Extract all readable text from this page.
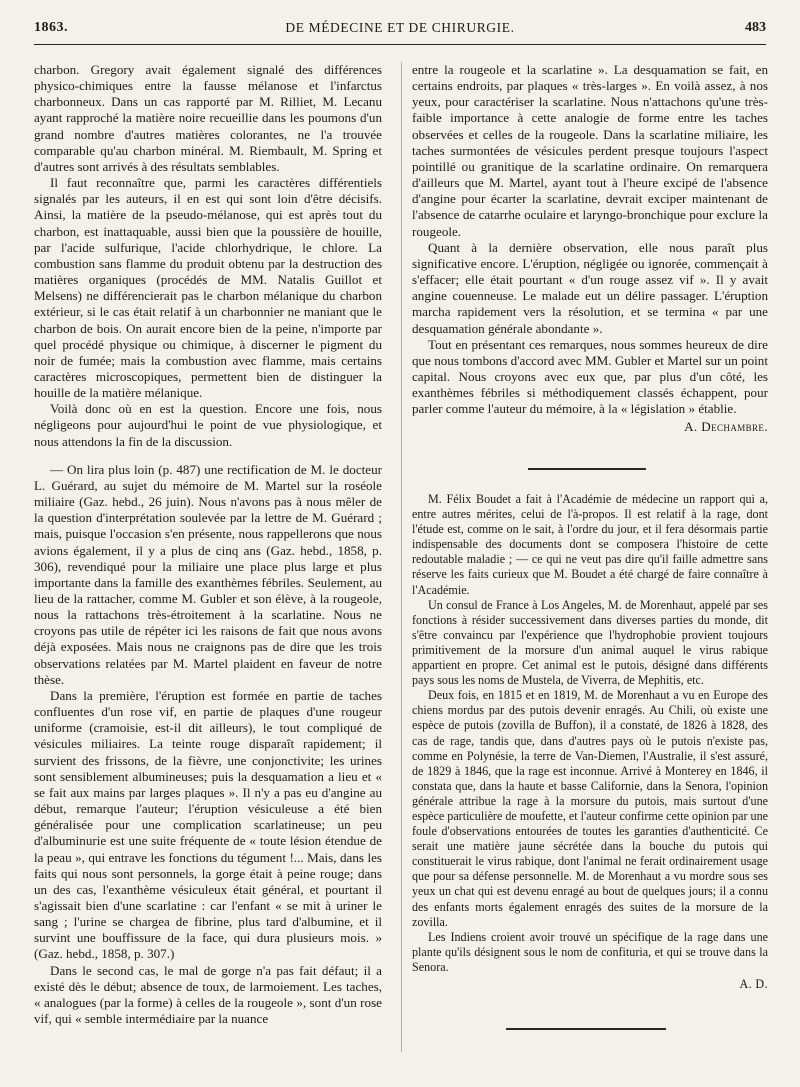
1863.	DE MÉDECINE ET DE CHIRURGIE.	483

charbon. Gregory avait également signalé des différences physico-chimiques entre la fausse mélanose et l'infarctus charbonneux. Dans un cas rapporté par M. Rilliet, M. Lecanu ayant rapproché la matière noire recueillie dans les poumons d'un grand nombre d'autres matières colorantes, ne l'a trouvée comparable qu'au charbon minéral. M. Riembault, M. Spring et d'autres sont arrivés à des résultats semblables.

Il faut reconnaître que, parmi les caractères différentiels signalés par les auteurs, il en est qui sont loin d'être décisifs. Ainsi, la matière de la pseudo-mélanose, qui est après tout du charbon, est inattaquable, aussi bien que la poussière de houille, par l'acide sulfurique, l'acide chlorhydrique, le chlore. La combustion sans flamme du produit obtenu par la destruction des matières organiques (procédés de MM. Natalis Guillot et Melsens) ne différencierait pas le charbon mélanique du charbon extérieur, si le cas était relatif à un charbonnier ne maniant que le charbon de bois. On aurait encore bien de la peine, n'importe par quel procédé physique ou chimique, à discerner le pigment du noir de fumée; mais la combustion avec flamme, mais certains caractères microscopiques, permettent bien de distinguer la houille de la matière mélanique.

Voilà donc où en est la question. Encore une fois, nous négligeons pour aujourd'hui le point de vue physiologique, et nous attendons la fin de la discussion.

— On lira plus loin (p. 487) une rectification de M. le docteur L. Guérard, au sujet du mémoire de M. Martel sur la roséole miliaire (Gaz. hebd., 26 juin). Nous n'avons pas à nous mêler de la question d'interprétation soulevée par la lettre de M. Guérard ; mais, puisque l'occasion s'en présente, nous rappellerons que nous avions également, il y a plus de cinq ans (Gaz. hebd., 1858, p. 306), revendiqué pour la miliaire une place plus large et plus importante dans la famille des exanthèmes fébriles. Seulement, au lieu de la rattacher, comme M. Gubler et son élève, à la rougeole, nous la rattachons très-étroitement à la scarlatine. Nous ne croyons pas utile de répéter ici les raisons de fait que nous avons déjà exposées. Mais nous ne craignons pas de dire que les trois observations relatées par M. Martel plaident en faveur de notre thèse.

Dans la première, l'éruption est formée en partie de taches confluentes d'un rose vif, en partie de plaques d'une rougeur uniforme (cramoisie, est-il dit ailleurs), le tout compliqué de vésicules miliaires. La teinte rouge disparaît rapidement; il survient des frissons, de la fièvre, une conjonctivite; les urines sont sensiblement albumineuses; puis la desquamation a lieu et « se fait aux mains par larges plaques ». Il n'y a pas eu d'angine au début, remarque l'auteur; l'éruption vésiculeuse a été bien généralisée pour une complication scarlatineuse; un peu d'albuminurie est une suite fréquente de « toute lésion étendue de la peau », qui entrave les fonctions du tégument !... Mais, dans les faits qui nous sont personnels, la gorge était à peine rouge; dans un des cas, l'exanthème vésiculeux était général, et pourtant il s'agissait bien d'une scarlatine : car l'enfant « se mit à uriner le sang ; l'urine se chargea de fibrine, plus tard d'albumine, et il survint une bouffissure de la face, qui dura plusieurs mois. » (Gaz. hebd., 1858, p. 307.)

Dans le second cas, le mal de gorge n'a pas fait défaut; il a existé dès le début; absence de toux, de larmoiement. Les taches, « analogues (par la forme) à celles de la rougeole », sont d'un rose vif, qui « semble intermédiaire par la nuance

entre la rougeole et la scarlatine ». La desquamation se fait, en certains endroits, par plaques « très-larges ». En voilà assez, à nos yeux, pour caractériser la scarlatine. Nous n'attachons qu'une très-faible importance à cette analogie de forme entre les taches observées et celles de la rougeole. Dans la scarlatine miliaire, les taches surmontées de vésicules perdent presque toujours l'aspect pointillé ou granitique de la scarlatine ordinaire. On remarquera d'ailleurs que M. Martel, ayant tout à l'heure excipé de l'absence d'angine pour écarter la scarlatine, devrait exciper maintenant de l'absence de catarrhe oculaire et laryngo-bronchique pour exclure la rougeole.

Quant à la dernière observation, elle nous paraît plus significative encore. L'éruption, négligée ou ignorée, commençait à s'effacer; elle était pourtant « d'un rouge assez vif ». Il y avait angine couenneuse. Le malade eut un délire passager. L'éruption marcha rapidement vers la résolution, et se termina « par une desquamation générale abondante ».

Tout en présentant ces remarques, nous sommes heureux de dire que nous tombons d'accord avec MM. Gubler et Martel sur un point capital. Nous croyons avec eux que, par plus d'un côté, les exanthèmes fébriles si méthodiquement classés échappent, pour parler comme l'auteur du mémoire, à la « législation » établie.

A. Dechambre.

M. Félix Boudet a fait à l'Académie de médecine un rapport qui a, entre autres mérites, celui de l'à-propos. Il est relatif à la rage, dont l'étude est, comme on le sait, à l'ordre du jour, et il fera désormais partie indispensable des documents dont se composera l'histoire de cette redoutable maladie ; — ce qui ne veut pas dire qu'il faille admettre sans réserve les faits curieux que M. Boudet a été chargé de faire connaître à l'Académie.

Un consul de France à Los Angeles, M. de Morenhaut, appelé par ses fonctions à résider successivement dans diverses parties du monde, dit s'être convaincu par l'expérience que l'hydrophobie provient toujours primitivement de la morsure d'un animal auquel le virus rabique appartient en propre. Cet animal est le putois, désigné dans différents pays sous les noms de Mustela, de Viverra, de Mephitis, etc.

Deux fois, en 1815 et en 1819, M. de Morenhaut a vu en Europe des chiens mordus par des putois devenir enragés. Au Chili, où existe une espèce de putois (zovilla de Buffon), il a constaté, de 1826 à 1828, des cas de rage, tandis que, dans d'autres pays où le putois n'existe pas, comme en Polynésie, la terre de Van-Diemen, l'Australie, il s'est assuré, de 1829 à 1846, que la rage est inconnue. Arrivé à Monterey en 1846, il constata que, dans la haute et basse Californie, dans la Senora, l'opinion générale attribue la rage à la morsure du putois, mais surtout d'une espèce particulière de moufette, et l'auteur confirme cette opinion par une foule d'observations entourées de toutes les garanties d'authenticité. Ce serait une matière jaune sécrétée dans la bouche du putois qui constituerait le virus rabique, dont l'animal ne ferait ordinairement usage que pour sa défense personnelle. M. de Morenhaut a vu mordre sous ses yeux un chat qui est devenu enragé au bout de quelques jours; il a connu des enfants morts également enragés des suites de la morsure de la zovilla.

Les Indiens croient avoir trouvé un spécifique de la rage dans une plante qu'ils désignent sous le nom de confituria, et qui se trouve dans la Senora.

A. D.
